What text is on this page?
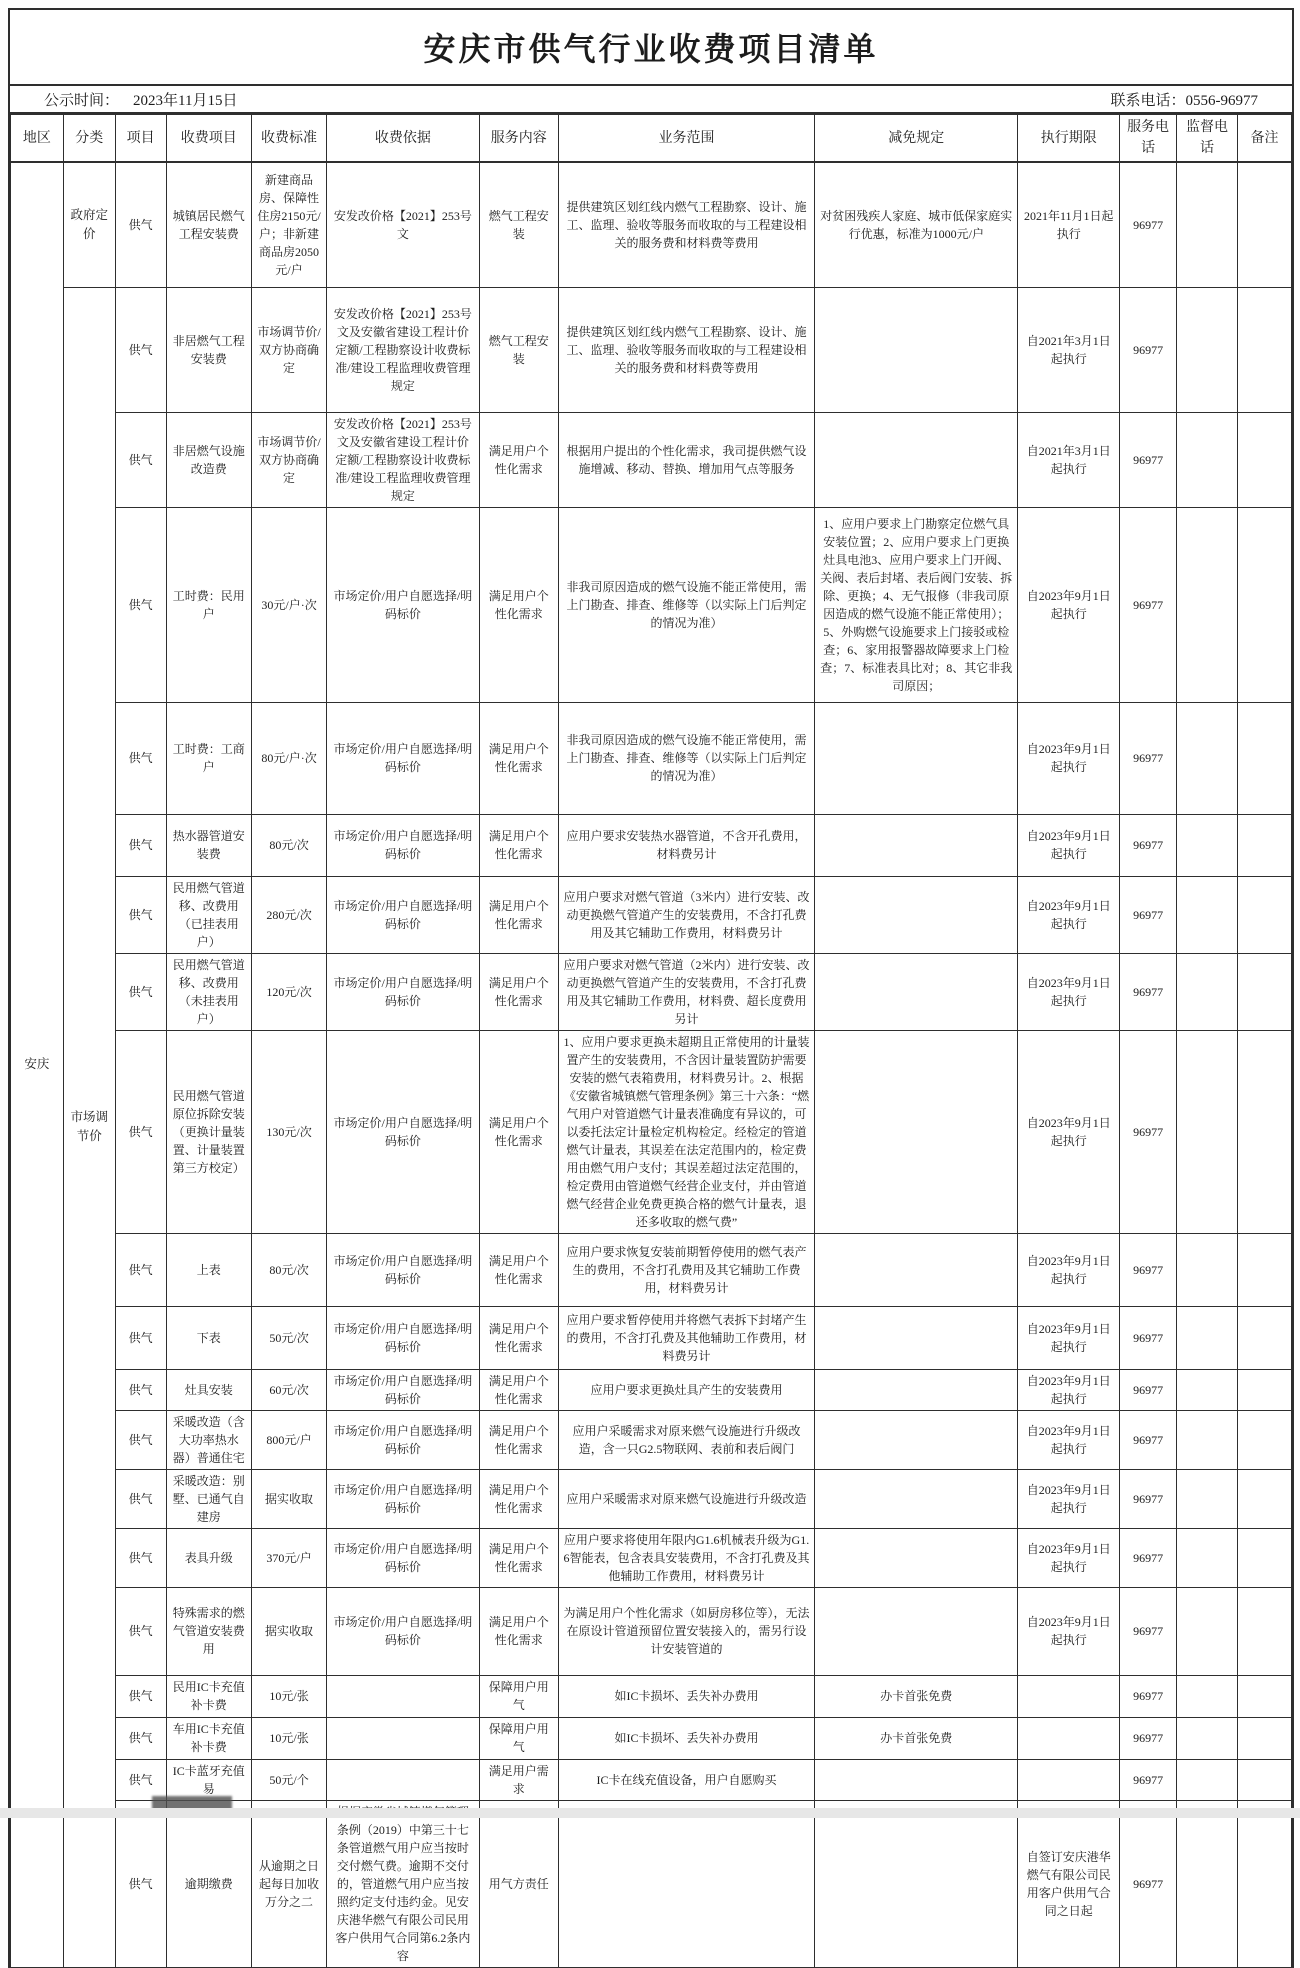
安庆市供气行业收费项目清单
公示时间： 2023年11月15日	联系电话：0556-96977
地区	分类	项目	收费项目	收费标准	收费依据	服务内容	业务范围	减免规定	执行期限	服务电话	监督电话	备注
安庆	政府定价	供气	城镇居民燃气工程安装费	新建商品房、保障性住房2150元/户；非新建商品房2050元/户	安发改价格【2021】253号文	燃气工程安装	提供建筑区划红线内燃气工程勘察、设计、施工、监理、验收等服务而收取的与工程建设相关的服务费和材料费等费用	对贫困残疾人家庭、城市低保家庭实行优惠，标准为1000元/户	2021年11月1日起执行	96977		
	市场调节价	供气	非居燃气工程安装费	市场调节价/双方协商确定	安发改价格【2021】253号文及安徽省建设工程计价定额/工程勘察设计收费标准/建设工程监理收费管理规定	燃气工程安装	提供建筑区划红线内燃气工程勘察、设计、施工、监理、验收等服务而收取的与工程建设相关的服务费和材料费等费用		自2021年3月1日起执行	96977		
		供气	非居燃气设施改造费	市场调节价/双方协商确定	安发改价格【2021】253号文及安徽省建设工程计价定额/工程勘察设计收费标准/建设工程监理收费管理规定	满足用户个性化需求	根据用户提出的个性化需求，我司提供燃气设施增减、移动、替换、增加用气点等服务		自2021年3月1日起执行	96977		
		供气	工时费：民用户	30元/户·次	市场定价/用户自愿选择/明码标价	满足用户个性化需求	非我司原因造成的燃气设施不能正常使用，需上门勘查、排查、维修等（以实际上门后判定的情况为准）	1、应用户要求上门勘察定位燃气具安装位置；2、应用户要求上门更换灶具电池3、应用户要求上门开阀、关阀、表后封堵、表后阀门安装、拆除、更换；4、无气报修（非我司原因造成的燃气设施不能正常使用）；5、外购燃气设施要求上门接驳或检查；6、家用报警器故障要求上门检查；7、标准表具比对；8、其它非我司原因；	自2023年9月1日起执行	96977		
		供气	工时费：工商户	80元/户·次	市场定价/用户自愿选择/明码标价	满足用户个性化需求	非我司原因造成的燃气设施不能正常使用，需上门勘查、排查、维修等（以实际上门后判定的情况为准）		自2023年9月1日起执行	96977		
		供气	热水器管道安装费	80元/次	市场定价/用户自愿选择/明码标价	满足用户个性化需求	应用户要求安装热水器管道，不含开孔费用，材料费另计		自2023年9月1日起执行	96977		
		供气	民用燃气管道移、改费用（已挂表用户）	280元/次	市场定价/用户自愿选择/明码标价	满足用户个性化需求	应用户要求对燃气管道（3米内）进行安装、改动更换燃气管道产生的安装费用，不含打孔费用及其它辅助工作费用，材料费另计		自2023年9月1日起执行	96977		
		供气	民用燃气管道移、改费用（未挂表用户）	120元/次	市场定价/用户自愿选择/明码标价	满足用户个性化需求	应用户要求对燃气管道（2米内）进行安装、改动更换燃气管道产生的安装费用，不含打孔费用及其它辅助工作费用，材料费、超长度费用另计		自2023年9月1日起执行	96977		
		供气	民用燃气管道原位拆除安装（更换计量装置、计量装置第三方校定）	130元/次	市场定价/用户自愿选择/明码标价	满足用户个性化需求	1、应用户要求更换未超期且正常使用的计量装置产生的安装费用，不含因计量装置防护需要安装的燃气表箱费用，材料费另计。2、根据《安徽省城镇燃气管理条例》第三十六条：“燃气用户对管道燃气计量表准确度有异议的，可以委托法定计量检定机构检定。经检定的管道燃气计量表，其误差在法定范围内的，检定费用由燃气用户支付；其误差超过法定范围的，检定费用由管道燃气经营企业支付，并由管道燃气经营企业免费更换合格的燃气计量表，退还多收取的燃气费”		自2023年9月1日起执行	96977		
		供气	上表	80元/次	市场定价/用户自愿选择/明码标价	满足用户个性化需求	应用户要求恢复安装前期暂停使用的燃气表产生的费用，不含打孔费用及其它辅助工作费用，材料费另计		自2023年9月1日起执行	96977		
		供气	下表	50元/次	市场定价/用户自愿选择/明码标价	满足用户个性化需求	应用户要求暂停使用并将燃气表拆下封堵产生的费用，不含打孔费及其他辅助工作费用，材料费另计		自2023年9月1日起执行	96977		
		供气	灶具安装	60元/次	市场定价/用户自愿选择/明码标价	满足用户个性化需求	应用户要求更换灶具产生的安装费用		自2023年9月1日起执行	96977		
		供气	采暖改造（含大功率热水器）普通住宅	800元/户	市场定价/用户自愿选择/明码标价	满足用户个性化需求	应用户采暖需求对原来燃气设施进行升级改造，含一只G2.5物联网、表前和表后阀门		自2023年9月1日起执行	96977		
		供气	采暖改造：别墅、已通气自建房	据实收取	市场定价/用户自愿选择/明码标价	满足用户个性化需求	应用户采暖需求对原来燃气设施进行升级改造		自2023年9月1日起执行	96977		
		供气	表具升级	370元/户	市场定价/用户自愿选择/明码标价	满足用户个性化需求	应用户要求将使用年限内G1.6机械表升级为G1.6智能表，包含表具安装费用，不含打孔费及其他辅助工作费用，材料费另计		自2023年9月1日起执行	96977		
		供气	特殊需求的燃气管道安装费用	据实收取	市场定价/用户自愿选择/明码标价	满足用户个性化需求	为满足用户个性化需求（如厨房移位等），无法在原设计管道预留位置安装接入的，需另行设计安装管道的		自2023年9月1日起执行	96977		
		供气	民用IC卡充值补卡费	10元/张		保障用户用气	如IC卡损坏、丢失补办费用	办卡首张免费		96977		
		供气	车用IC卡充值补卡费	10元/张		保障用户用气	如IC卡损坏、丢失补办费用	办卡首张免费		96977		
		供气	IC卡蓝牙充值易	50元/个		满足用户需求	IC卡在线充值设备，用户自愿购买			96977		
		供气	逾期缴费	从逾期之日起每日加收万分之二	条例（2019）中第三十七条管道燃气用户应当按时交付燃气费。逾期不交付的，管道燃气用户应当按照约定支付违约金。见安庆港华燃气有限公司民用客户供用气合同第6.2条内容	用气方责任			自签订安庆港华燃气有限公司民用客户供用气合同之日起	96977		
